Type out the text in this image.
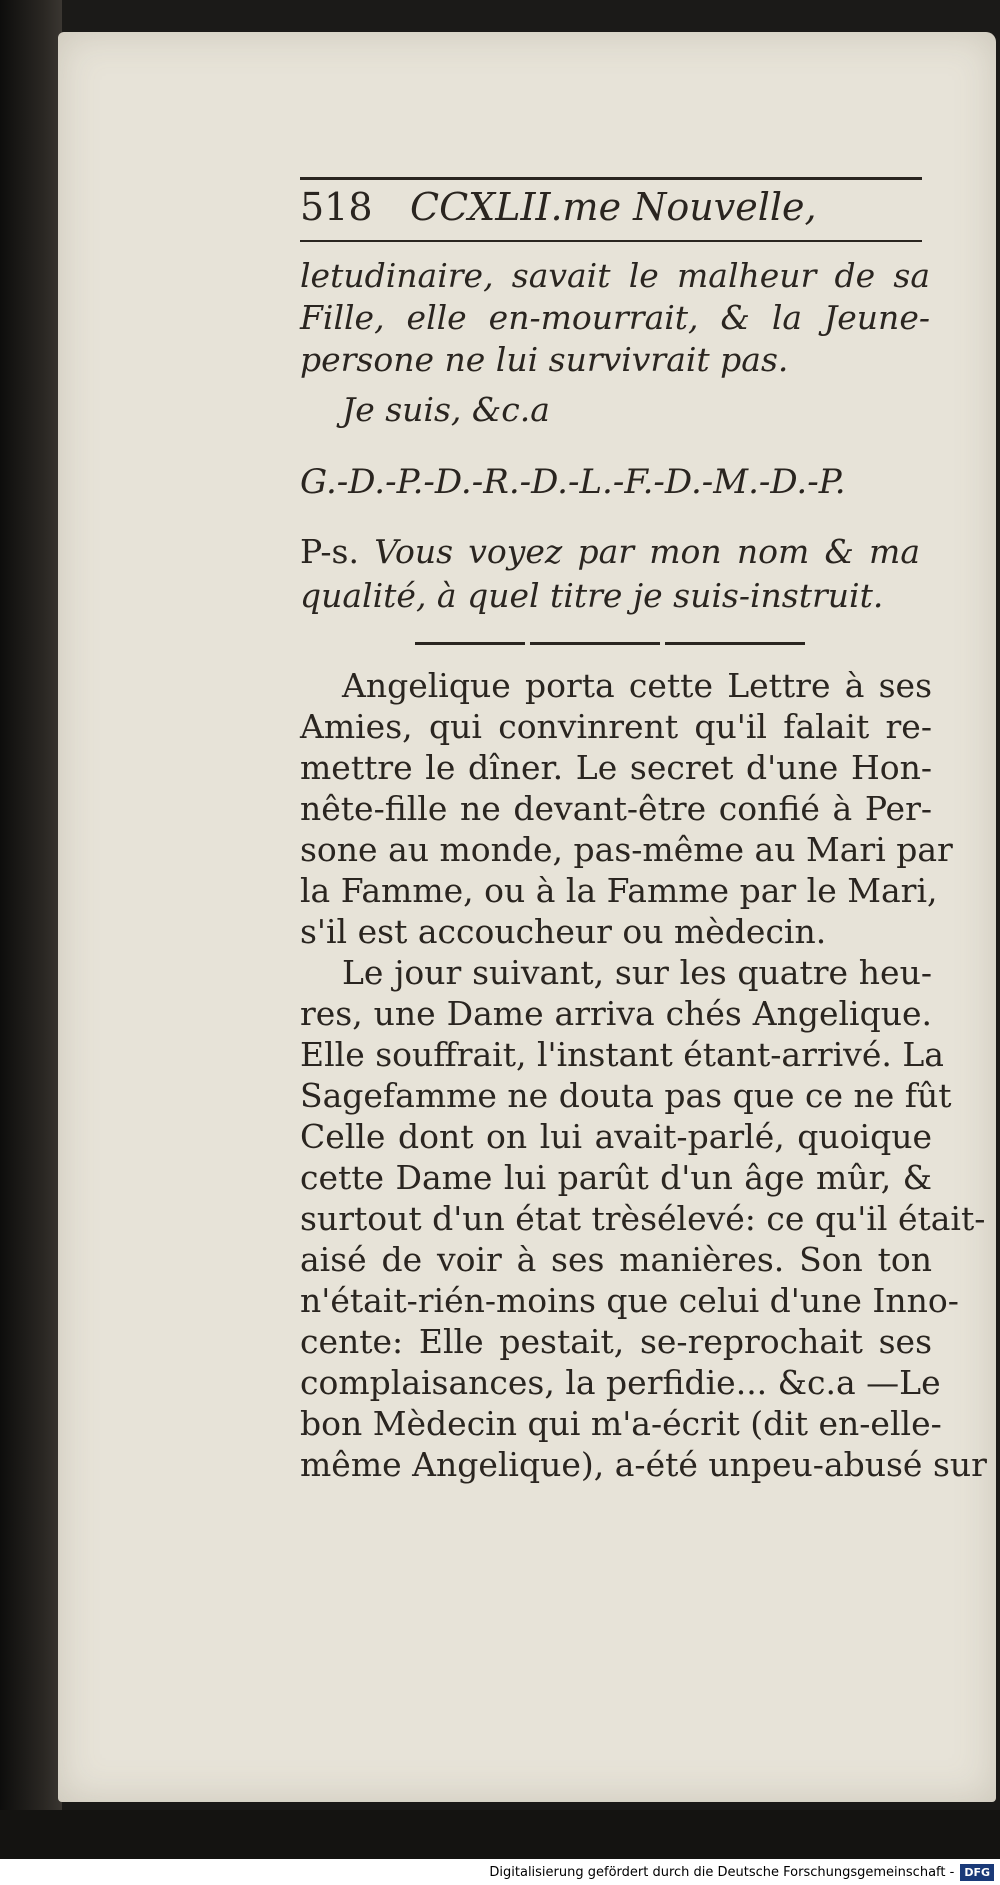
518 CCXLII.me Nouvelle,
letudinaire, savait le malheur de sa
Fille, elle en-mourrait, & la Jeune-
persone ne lui survivrait pas.
Je suis, &c.a
G.-D.-P.-D.-R.-D.-L.-F.-D.-M.-D.-P.
P-s. Vous voyez par mon nom & ma
qualité, à quel titre je suis-instruit.
Angelique porta cette Lettre à ses
Amies, qui convinrent qu'il falait re-
mettre le dîner. Le secret d'une Hon-
nête-fille ne devant-être confié à Per-
sone au monde, pas-même au Mari par
la Famme, ou à la Famme par le Mari,
s'il est accoucheur ou mèdecin.
Le jour suivant, sur les quatre heu-
res, une Dame arriva chés Angelique.
Elle souffrait, l'instant étant-arrivé. La
Sagefamme ne douta pas que ce ne fût
Celle dont on lui avait-parlé, quoique
cette Dame lui parût d'un âge mûr, &
surtout d'un état trèsélevé: ce qu'il était-
aisé de voir à ses manières. Son ton
n'était-rién-moins que celui d'une Inno-
cente: Elle pestait, se-reprochait ses
complaisances, la perfidie... &c.a —Le
bon Mèdecin qui m'a-écrit (dit en-elle-
même Angelique), a-été unpeu-abusé sur
Digitalisierung gefördert durch die Deutsche Forschungsgemeinschaft - DFG
